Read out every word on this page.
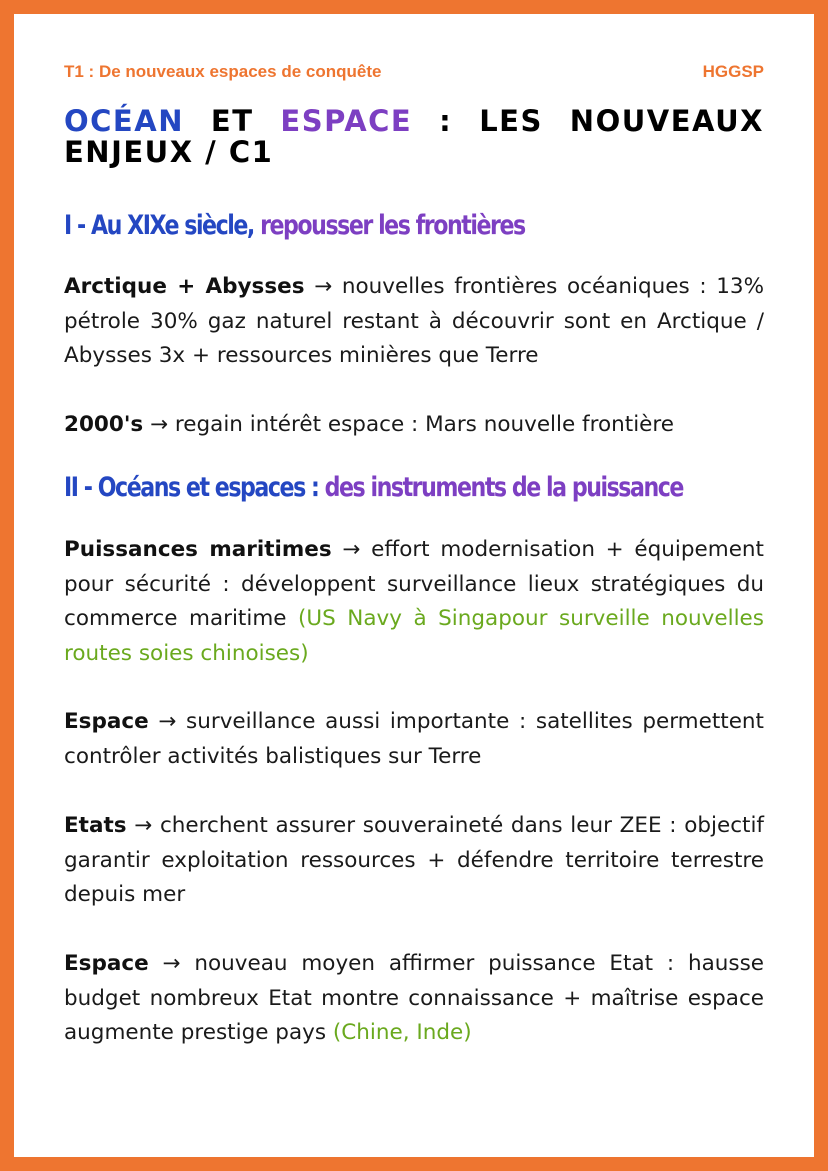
T1 : De nouveaux espaces de conquête	HGGSP
OCÉAN ET ESPACE : LES NOUVEAUX ENJEUX / C1
I - Au XIXe siècle, repousser les frontières

Arctique + Abysses → nouvelles frontières océaniques : 13% pétrole 30% gaz naturel restant à découvrir sont en Arctique / Abysses 3x + ressources minières que Terre

2000's → regain intérêt espace : Mars nouvelle frontière

II - Océans et espaces : des instruments de la puissance

Puissances maritimes → effort modernisation + équipement pour sécurité : développent surveillance lieux stratégiques du commerce maritime (US Navy à Singapour surveille nouvelles routes soies chinoises)

Espace → surveillance aussi importante : satellites permettent contrôler activités balistiques sur Terre

Etats → cherchent assurer souveraineté dans leur ZEE : objectif garantir exploitation ressources + défendre territoire terrestre depuis mer

Espace → nouveau moyen affirmer puissance Etat : hausse budget nombreux Etat montre connaissance + maîtrise espace augmente prestige pays (Chine, Inde)
